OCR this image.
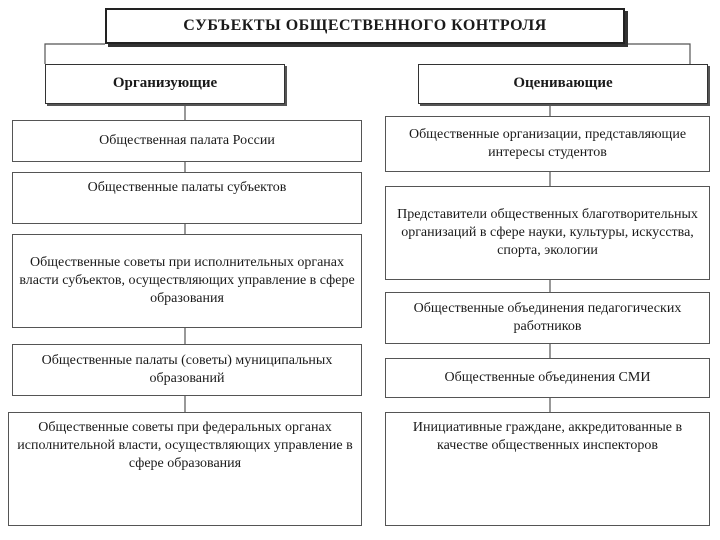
СУБЪЕКТЫ ОБЩЕСТВЕННОГО КОНТРОЛЯ
Организующие
Общественная палата России
Общественные палаты субъектов
Общественные советы при исполнительных органах власти субъектов, осуществляющих управление в сфере образования
Общественные палаты (советы) муниципальных образований
Общественные советы при федеральных органах исполнительной власти, осуществляющих управление в сфере образования
Оценивающие
Общественные организации, представляющие интересы студентов
Представители общественных благотворительных организаций в сфере науки, культуры, искусства, спорта, экологии
Общественные объединения педагогических работников
Общественные объединения СМИ
Инициативные граждане, аккредитованные в качестве общественных инспекторов
